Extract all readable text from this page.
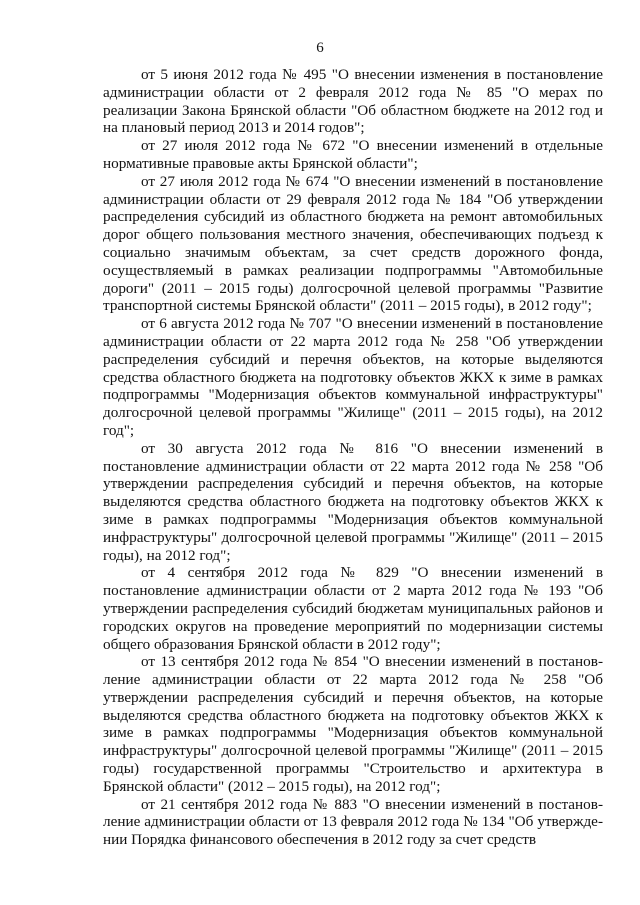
6

от 5 июня 2012 года № 495 "О внесении изменения в постановление администрации области от 2 февраля 2012 года № 85 "О мерах по реализации Закона Брянской области "Об областном бюджете на 2012 год и на плановый период 2013 и 2014 годов";

от 27 июля 2012 года № 672 "О внесении изменений в отдельные нормативные правовые акты Брянской области";

от 27 июля 2012 года № 674 "О внесении изменений в постановление администрации области от 29 февраля 2012 года № 184 "Об утверждении распределения субсидий из областного бюджета на ремонт автомобильных дорог общего пользования местного значения, обеспечивающих подъезд к социально значимым объектам, за счет средств дорожного фонда, осуществляемый в рамках реализации подпрограммы "Автомобильные дороги" (2011 – 2015 годы) долгосрочной целевой программы "Развитие транспортной системы Брянской области" (2011 – 2015 годы), в 2012 году";

от 6 августа 2012 года № 707 "О внесении изменений в постановление администрации области от 22 марта 2012 года № 258 "Об утверждении распределения субсидий и перечня объектов, на которые выделяются средства областного бюджета на подготовку объектов ЖКХ к зиме в рамках подпрограммы "Модернизация объектов коммунальной инфраструктуры" долгосрочной целевой программы "Жилище" (2011 – 2015 годы), на 2012 год";

от 30 августа 2012 года № 816 "О внесении изменений в постановление администрации области от 22 марта 2012 года № 258 "Об утверждении распределения субсидий и перечня объектов, на которые выделяются средства областного бюджета на подготовку объектов ЖКХ к зиме в рамках подпрограммы "Модернизация объектов коммунальной инфраструктуры" долгосрочной целевой программы "Жилище" (2011 – 2015 годы), на 2012 год";

от 4 сентября 2012 года № 829 "О внесении изменений в постановление администрации области от 2 марта 2012 года № 193 "Об утверждении распределения субсидий бюджетам муниципальных районов и городских округов на проведение мероприятий по модернизации системы общего образования Брянской области в 2012 году";

от 13 сентября 2012 года № 854 "О внесении изменений в постановление администрации области от 22 марта 2012 года № 258 "Об утверждении распределения субсидий и перечня объектов, на которые выделяются средства областного бюджета на подготовку объектов ЖКХ к зиме в рамках подпрограммы "Модернизация объектов коммунальной инфраструктуры" долгосрочной целевой программы "Жилище" (2011 – 2015 годы) государственной программы "Строительство и архитектура в Брянской области" (2012 – 2015 годы), на 2012 год";

от 21 сентября 2012 года № 883 "О внесении изменений в постановление администрации области от 13 февраля 2012 года № 134 "Об утверждении Порядка финансового обеспечения в 2012 году за счет средств
